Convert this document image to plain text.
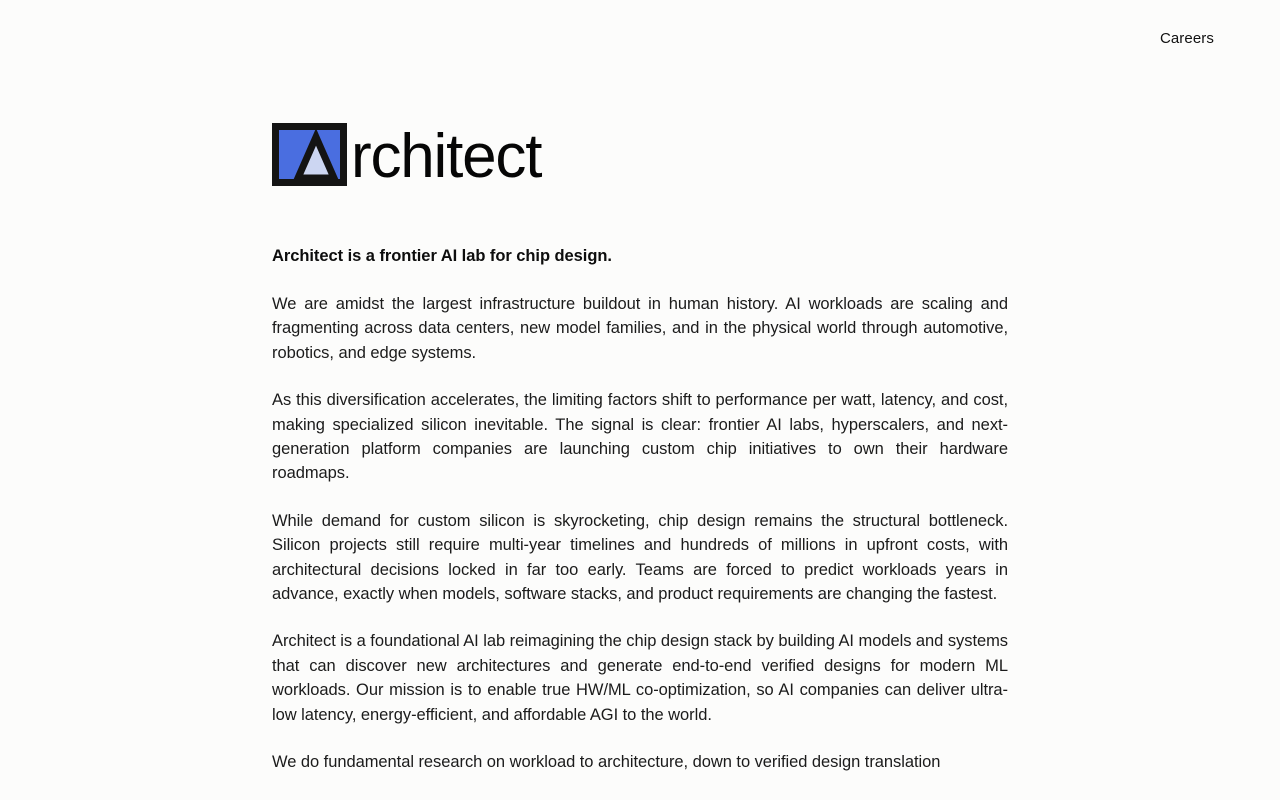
Careers
rchitect

Architect is a frontier AI lab for chip design.

We are amidst the largest infrastructure buildout in human history. AI workloads are scaling and fragmenting across data centers, new model families, and in the physical world through automotive, robotics, and edge systems.

As this diversification accelerates, the limiting factors shift to performance per watt, latency, and cost, making specialized silicon inevitable. The signal is clear: frontier AI labs, hyperscalers, and next-generation platform companies are launching custom chip initiatives to own their hardware roadmaps.

While demand for custom silicon is skyrocketing, chip design remains the structural bottleneck. Silicon projects still require multi-year timelines and hundreds of millions in upfront costs, with architectural decisions locked in far too early. Teams are forced to predict workloads years in advance, exactly when models, software stacks, and product requirements are changing the fastest.

Architect is a foundational AI lab reimagining the chip design stack by building AI models and systems that can discover new architectures and generate end-to-end verified designs for modern ML workloads. Our mission is to enable true HW/ML co-optimization, so AI companies can deliver ultra-low latency, energy-efficient, and affordable AGI to the world.

We do fundamental research on workload to architecture, down to verified design translation
